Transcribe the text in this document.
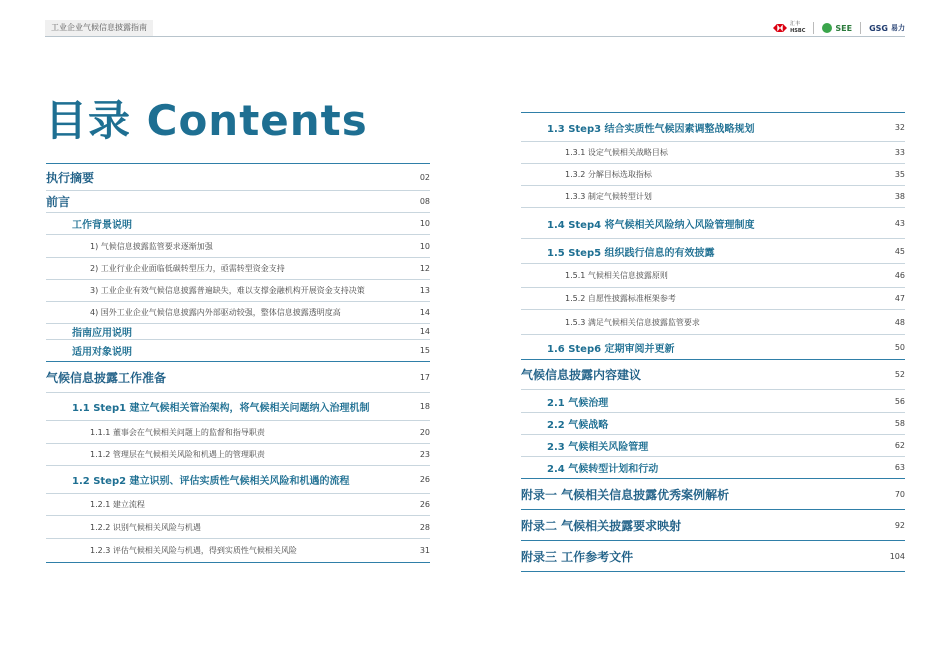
工业企业气候信息披露指南	汇丰
HSBC	SEE GSG 易力
目录 Contents
执行摘要	02
前言	08
工作背景说明	10
1) 气候信息披露监管要求逐渐加强	10
2) 工业行业企业面临低碳转型压力，亟需转型资金支持	12
3) 工业企业有效气候信息披露普遍缺失，难以支撑金融机构开展资金支持决策	13
4) 国外工业企业气候信息披露内外部驱动较强，整体信息披露透明度高	14
指南应用说明	14
适用对象说明	15
气候信息披露工作准备	17
1.1 Step1 建立气候相关管治架构，将气候相关问题纳入治理机制	18
1.1.1 董事会在气候相关问题上的监督和指导职责	20
1.1.2 管理层在气候相关风险和机遇上的管理职责	23
1.2 Step2 建立识别、评估实质性气候相关风险和机遇的流程	26
1.2.1 建立流程	26
1.2.2 识别气候相关风险与机遇	28
1.2.3 评估气候相关风险与机遇，得到实质性气候相关风险	31
1.3 Step3 结合实质性气候因素调整战略规划	32
1.3.1 设定气候相关战略目标	33
1.3.2 分解目标选取指标	35
1.3.3 制定气候转型计划	38
1.4 Step4 将气候相关风险纳入风险管理制度	43
1.5 Step5 组织践行信息的有效披露	45
1.5.1 气候相关信息披露原则	46
1.5.2 自愿性披露标准框架参考	47
1.5.3 满足气候相关信息披露监管要求	48
1.6 Step6 定期审阅并更新	50
气候信息披露内容建议	52
2.1 气候治理	56
2.2 气候战略	58
2.3 气候相关风险管理	62
2.4 气候转型计划和行动	63
附录一 气候相关信息披露优秀案例解析	70
附录二 气候相关披露要求映射	92
附录三 工作参考文件	104
